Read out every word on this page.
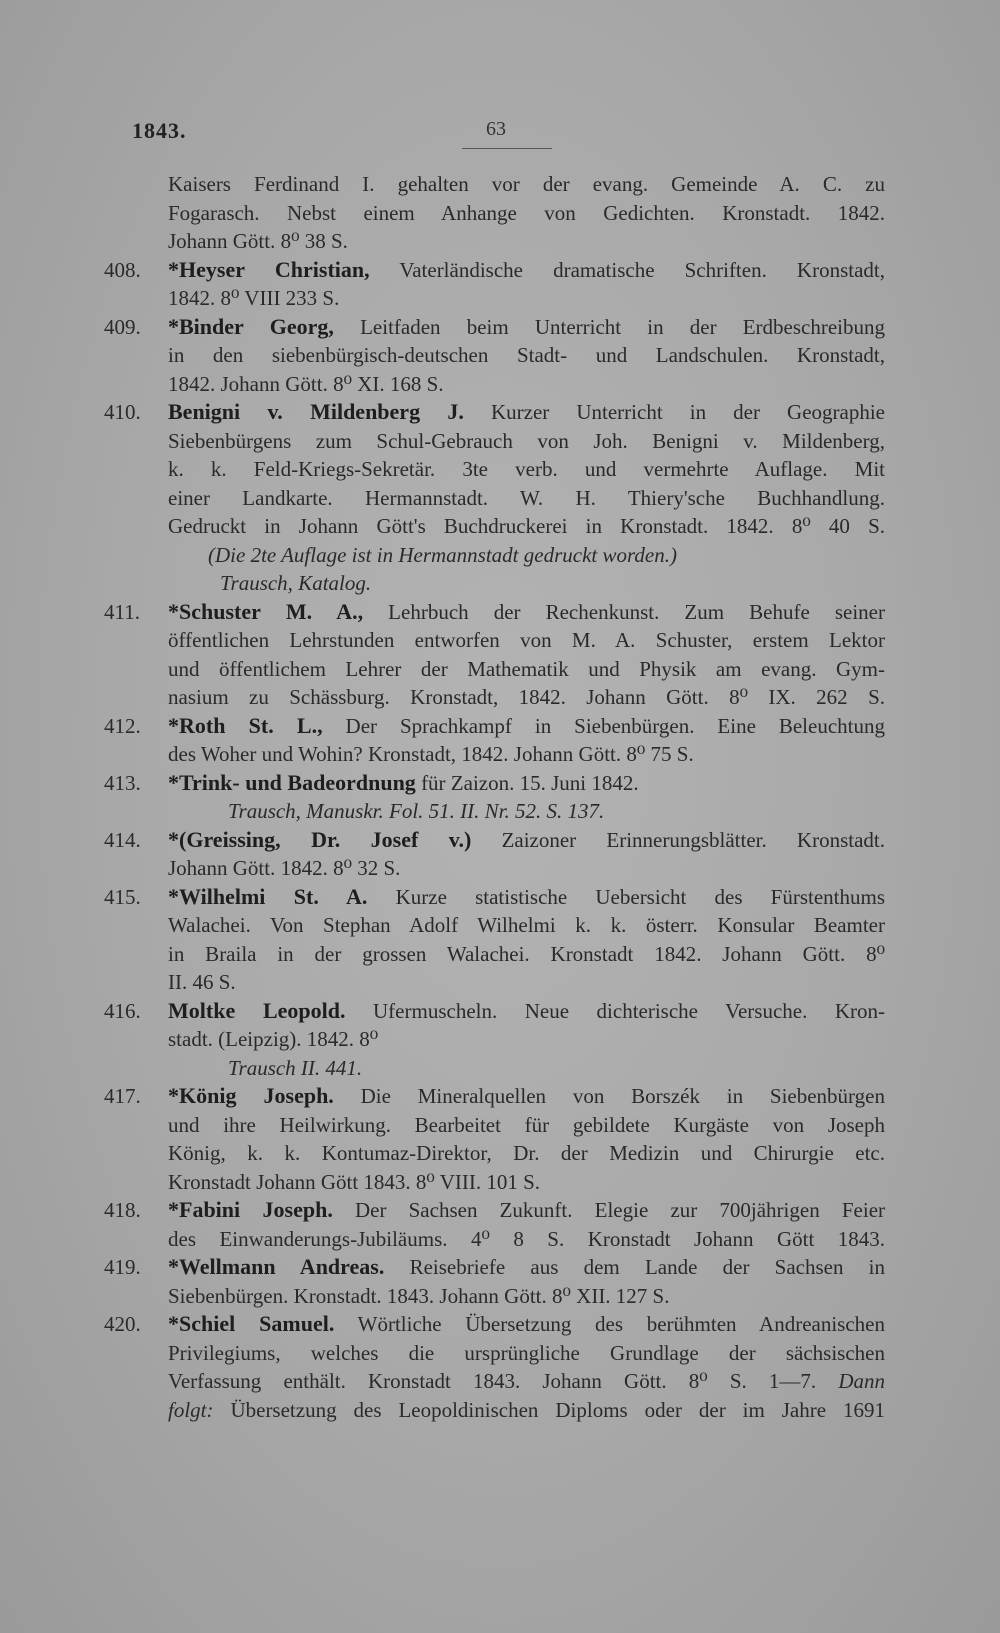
1843.	63
Kaisers Ferdinand I. gehalten vor der evang. Gemeinde A. C. zu
Fogarasch. Nebst einem Anhange von Gedichten. Kronstadt. 1842.
Johann Gött. 8⁰ 38 S.
408.	*Heyser Christian, Vaterländische dramatische Schriften. Kronstadt,
1842. 8⁰ VIII 233 S.
409.	*Binder Georg, Leitfaden beim Unterricht in der Erdbeschreibung
in den siebenbürgisch-deutschen Stadt- und Landschulen. Kronstadt,
1842. Johann Gött. 8⁰ XI. 168 S.
410.	Benigni v. Mildenberg J. Kurzer Unterricht in der Geographie
Siebenbürgens zum Schul-Gebrauch von Joh. Benigni v. Mildenberg,
k. k. Feld-Kriegs-Sekretär. 3te verb. und vermehrte Auflage. Mit
einer Landkarte. Hermannstadt. W. H. Thiery'sche Buchhandlung.
Gedruckt in Johann Gött's Buchdruckerei in Kronstadt. 1842. 8⁰ 40 S.
(Die 2te Auflage ist in Hermannstadt gedruckt worden.)
Trausch, Katalog.
411.	*Schuster M. A., Lehrbuch der Rechenkunst. Zum Behufe seiner
öffentlichen Lehrstunden entworfen von M. A. Schuster, erstem Lektor
und öffentlichem Lehrer der Mathematik und Physik am evang. Gym-
nasium zu Schässburg. Kronstadt, 1842. Johann Gött. 8⁰ IX. 262 S.
412.	*Roth St. L., Der Sprachkampf in Siebenbürgen. Eine Beleuchtung
des Woher und Wohin? Kronstadt, 1842. Johann Gött. 8⁰ 75 S.
413.	*Trink- und Badeordnung für Zaizon. 15. Juni 1842.
Trausch, Manuskr. Fol. 51. II. Nr. 52. S. 137.
414.	*(Greissing, Dr. Josef v.) Zaizoner Erinnerungsblätter. Kronstadt.
Johann Gött. 1842. 8⁰ 32 S.
415.	*Wilhelmi St. A. Kurze statistische Uebersicht des Fürstenthums
Walachei. Von Stephan Adolf Wilhelmi k. k. österr. Konsular Beamter
in Braila in der grossen Walachei. Kronstadt 1842. Johann Gött. 8⁰
II. 46 S.
416.	Moltke Leopold. Ufermuscheln. Neue dichterische Versuche. Kron-
stadt. (Leipzig). 1842. 8⁰
Trausch II. 441.
417.	*König Joseph. Die Mineralquellen von Borszék in Siebenbürgen
und ihre Heilwirkung. Bearbeitet für gebildete Kurgäste von Joseph
König, k. k. Kontumaz-Direktor, Dr. der Medizin und Chirurgie etc.
Kronstadt Johann Gött 1843. 8⁰ VIII. 101 S.
418.	*Fabini Joseph. Der Sachsen Zukunft. Elegie zur 700jährigen Feier
des Einwanderungs-Jubiläums. 4⁰ 8 S. Kronstadt Johann Gött 1843.
419.	*Wellmann Andreas. Reisebriefe aus dem Lande der Sachsen in
Siebenbürgen. Kronstadt. 1843. Johann Gött. 8⁰ XII. 127 S.
420.	*Schiel Samuel. Wörtliche Übersetzung des berühmten Andreanischen
Privilegiums, welches die ursprüngliche Grundlage der sächsischen
Verfassung enthält. Kronstadt 1843. Johann Gött. 8⁰ S. 1—7. Dann
folgt: Übersetzung des Leopoldinischen Diploms oder der im Jahre 1691
